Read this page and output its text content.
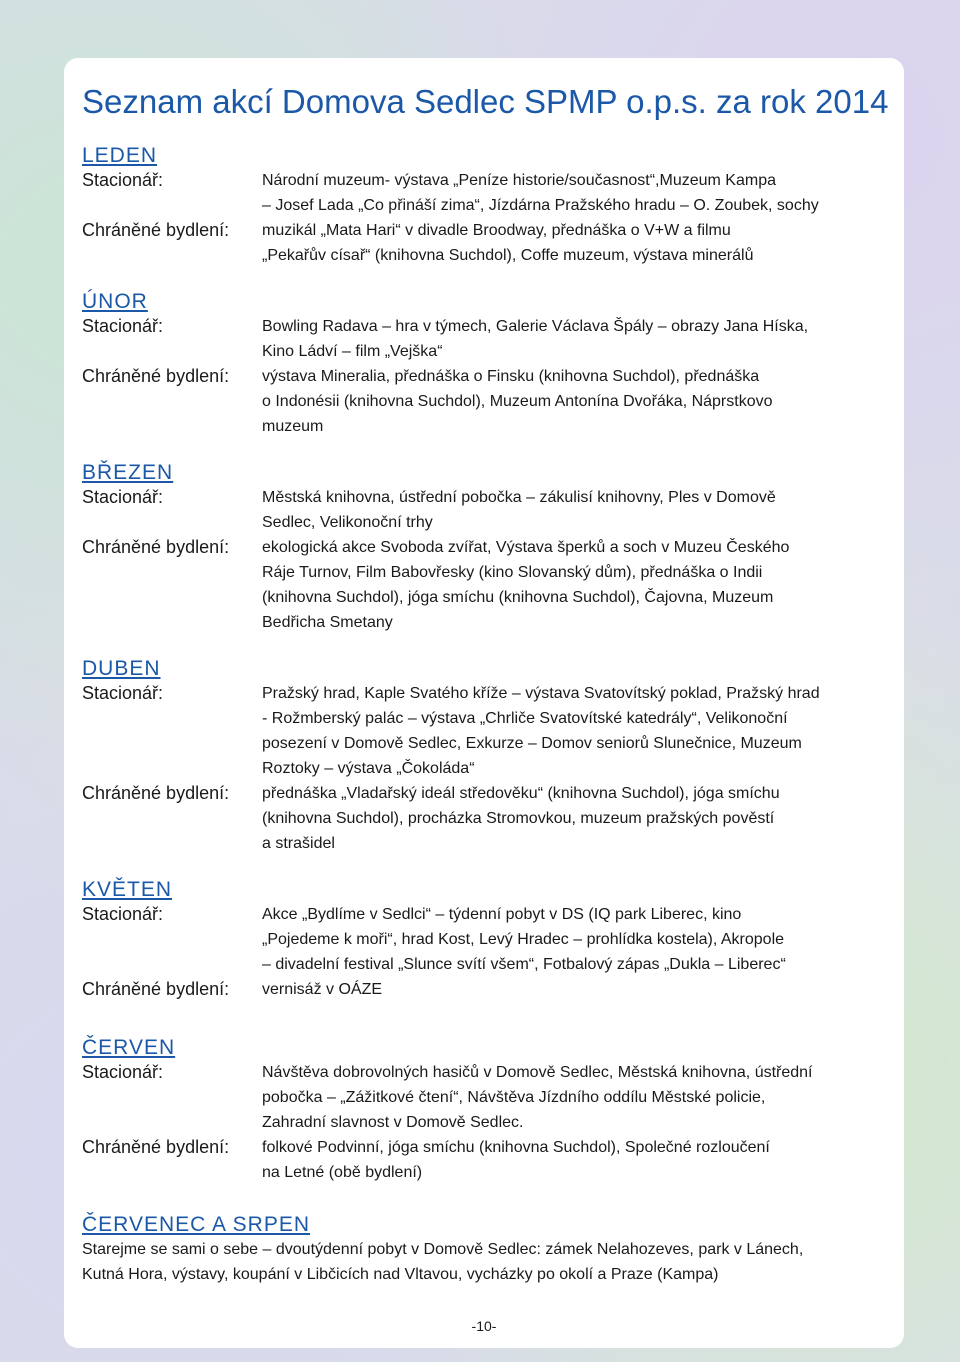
Seznam akcí Domova Sedlec SPMP o.p.s. za rok 2014
LEDEN
Stacionář:	Národní muzeum- výstava „Peníze historie/současnost“,Muzeum Kampa
– Josef Lada „Co přináší zima“, Jízdárna Pražského hradu – O. Zoubek, sochy
Chráněné bydlení:	muzikál „Mata Hari“ v divadle Broodway, přednáška o V+W a filmu
„Pekařův císař“ (knihovna Suchdol), Coffe muzeum, výstava minerálů
ÚNOR
Stacionář:	Bowling Radava – hra v týmech, Galerie Václava Špály – obrazy Jana Híska,
Kino Ládví – film „Vejška“
Chráněné bydlení:	výstava Mineralia, přednáška o Finsku (knihovna Suchdol), přednáška
o Indonésii (knihovna Suchdol), Muzeum Antonína Dvořáka, Náprstkovo
muzeum
BŘEZEN
Stacionář:	Městská knihovna, ústřední pobočka – zákulisí knihovny, Ples v Domově
Sedlec, Velikonoční trhy
Chráněné bydlení:	ekologická akce Svoboda zvířat, Výstava šperků a soch v Muzeu Českého
Ráje Turnov, Film Babovřesky (kino Slovanský dům), přednáška o Indii
(knihovna Suchdol), jóga smíchu (knihovna Suchdol), Čajovna, Muzeum
Bedřicha Smetany
DUBEN
Stacionář:	Pražský hrad, Kaple Svatého kříže – výstava Svatovítský poklad, Pražský hrad
- Rožmberský palác – výstava „Chrliče Svatovítské katedrály“, Velikonoční
posezení v Domově Sedlec, Exkurze – Domov seniorů Slunečnice, Muzeum
Roztoky – výstava „Čokoláda“
Chráněné bydlení:	přednáška „Vladařský ideál středověku“ (knihovna Suchdol), jóga smíchu
(knihovna Suchdol), procházka Stromovkou, muzeum pražských pověstí
a strašidel
KVĚTEN
Stacionář:	Akce „Bydlíme v Sedlci“ – týdenní pobyt v DS (IQ park Liberec, kino
„Pojedeme k moři“, hrad Kost, Levý Hradec – prohlídka kostela), Akropole
– divadelní festival „Slunce svítí všem“, Fotbalový zápas „Dukla – Liberec“
Chráněné bydlení:	vernisáž v OÁZE
ČERVEN
Stacionář:	Návštěva dobrovolných hasičů v Domově Sedlec, Městská knihovna, ústřední
pobočka – „Zážitkové čtení“, Návštěva Jízdního oddílu Městské policie,
Zahradní slavnost v Domově Sedlec.
Chráněné bydlení:	folkové Podvinní, jóga smíchu (knihovna Suchdol), Společné rozloučení
na Letné (obě bydlení)
ČERVENEC A SRPEN
Starejme se sami o sebe – dvoutýdenní pobyt v Domově Sedlec: zámek Nelahozeves, park v Lánech,
Kutná Hora, výstavy, koupání v Libčicích nad Vltavou, vycházky po okolí a Praze (Kampa)
-10-
